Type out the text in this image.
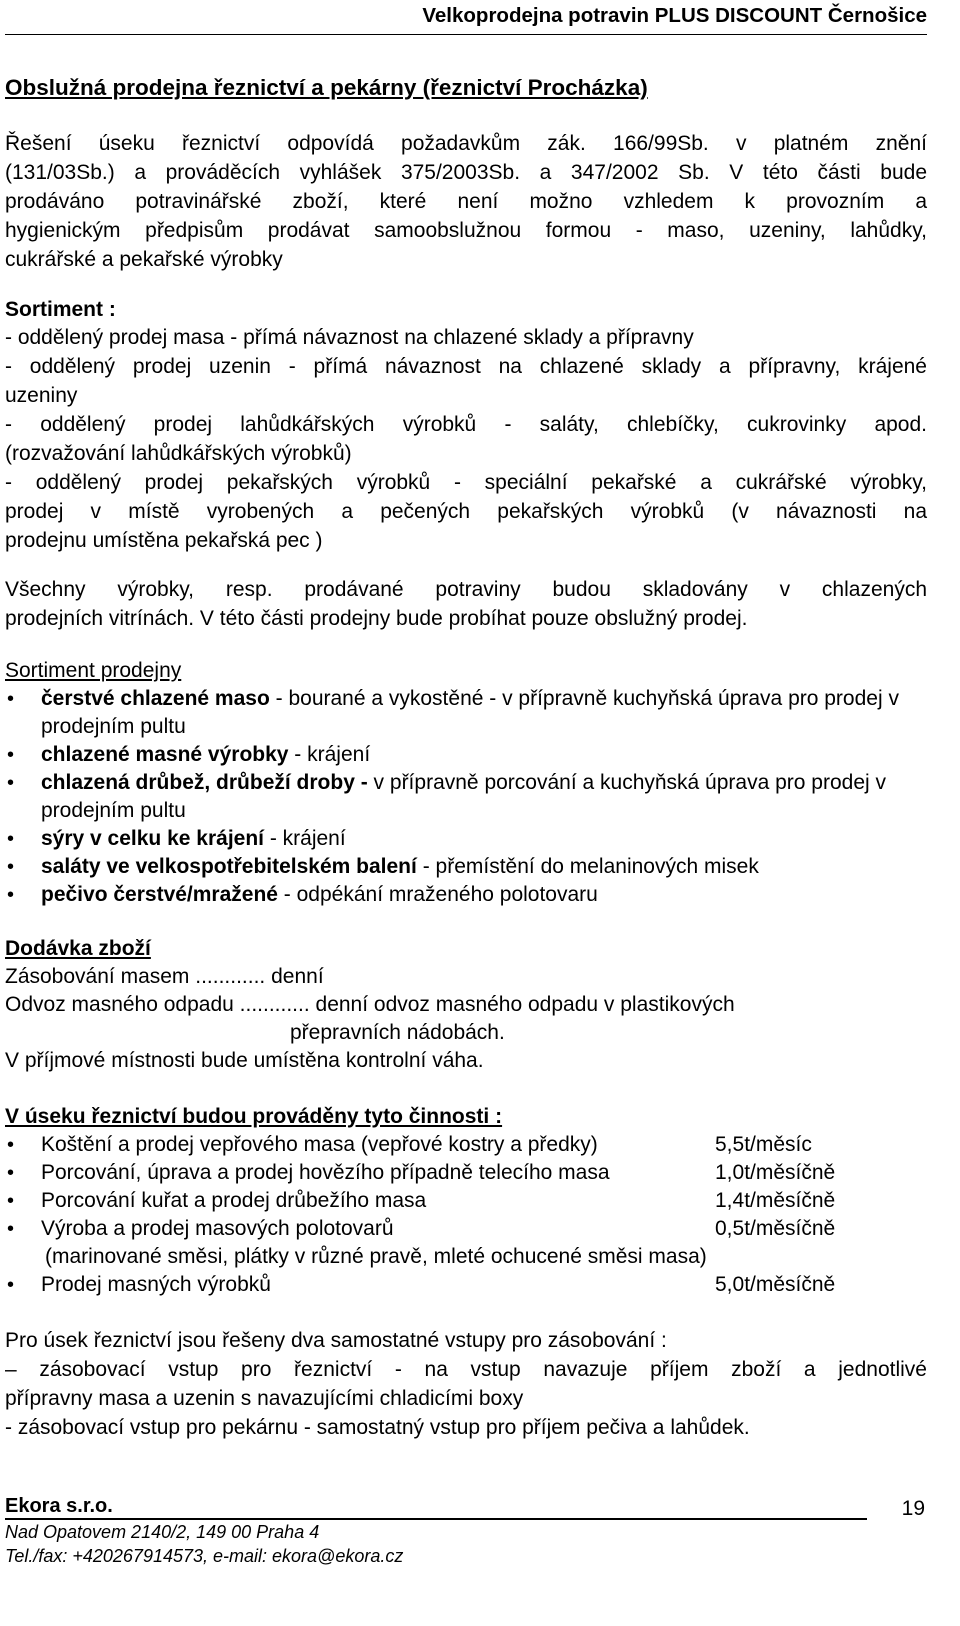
Velkoprodejna potravin PLUS DISCOUNT Černošice
Obslužná prodejna řeznictví a pekárny (řeznictví Procházka)
Řešení úseku řeznictví odpovídá požadavkům zák. 166/99Sb. v platném znění
(131/03Sb.) a prováděcích vyhlášek 375/2003Sb. a 347/2002 Sb. V této části bude
prodáváno potravinářské zboží, které není možno vzhledem k provozním a
hygienickým předpisům prodávat samoobslužnou formou - maso, uzeniny, lahůdky,
cukrářské a pekařské výrobky
Sortiment :
- oddělený prodej masa - přímá návaznost na chlazené sklady a přípravny
- oddělený prodej uzenin - přímá návaznost na chlazené sklady a přípravny, krájené
uzeniny
- oddělený prodej lahůdkářských výrobků - saláty, chlebíčky, cukrovinky apod.
(rozvažování lahůdkářských výrobků)
- oddělený prodej pekařských výrobků - speciální pekařské a cukrářské výrobky,
prodej v místě vyrobených a pečených pekařských výrobků (v návaznosti na
prodejnu umístěna pekařská pec )
Všechny výrobky, resp. prodávané potraviny budou skladovány v chlazených
prodejních vitrínách. V této části prodejny bude probíhat pouze obslužný prodej.
Sortiment prodejny
• čerstvé chlazené maso - bourané a vykostěné - v přípravně kuchyňská úprava pro prodej v prodejním pultu
• chlazené masné výrobky - krájení
• chlazená drůbež, drůbeží droby - v přípravně porcování a kuchyňská úprava pro prodej v prodejním pultu
• sýry v celku ke krájení - krájení
• saláty ve velkospotřebitelském balení - přemístění do melaninových misek
• pečivo čerstvé/mražené - odpékání mraženého polotovaru
Dodávka zboží
Zásobování masem ............ denní
Odvoz masného odpadu ............ denní odvoz masného odpadu v plastikových
přepravních nádobách.
V příjmové místnosti bude umístěna kontrolní váha.
V úseku řeznictví budou prováděny tyto činnosti :
• Koštění a prodej vepřového masa (vepřové kostry a předky)	5,5t/měsíc
• Porcování, úprava a prodej hovězího případně telecího masa	1,0t/měsíčně
• Porcování kuřat a prodej drůbežího masa	1,4t/měsíčně
• Výroba a prodej masových polotovarů	0,5t/měsíčně
(marinované směsi, plátky v různé pravě, mleté ochucené směsi masa)
• Prodej masných výrobků	5,0t/měsíčně
Pro úsek řeznictví jsou řešeny dva samostatné vstupy pro zásobování :
– zásobovací vstup pro řeznictví - na vstup navazuje příjem zboží a jednotlivé
přípravny masa a uzenin s navazujícími chladicími boxy
- zásobovací vstup pro pekárnu - samostatný vstup pro příjem pečiva a lahůdek.
Ekora s.r.o.	19
Nad Opatovem 2140/2, 149 00 Praha 4
Tel./fax: +420267914573, e-mail: ekora@ekora.cz
